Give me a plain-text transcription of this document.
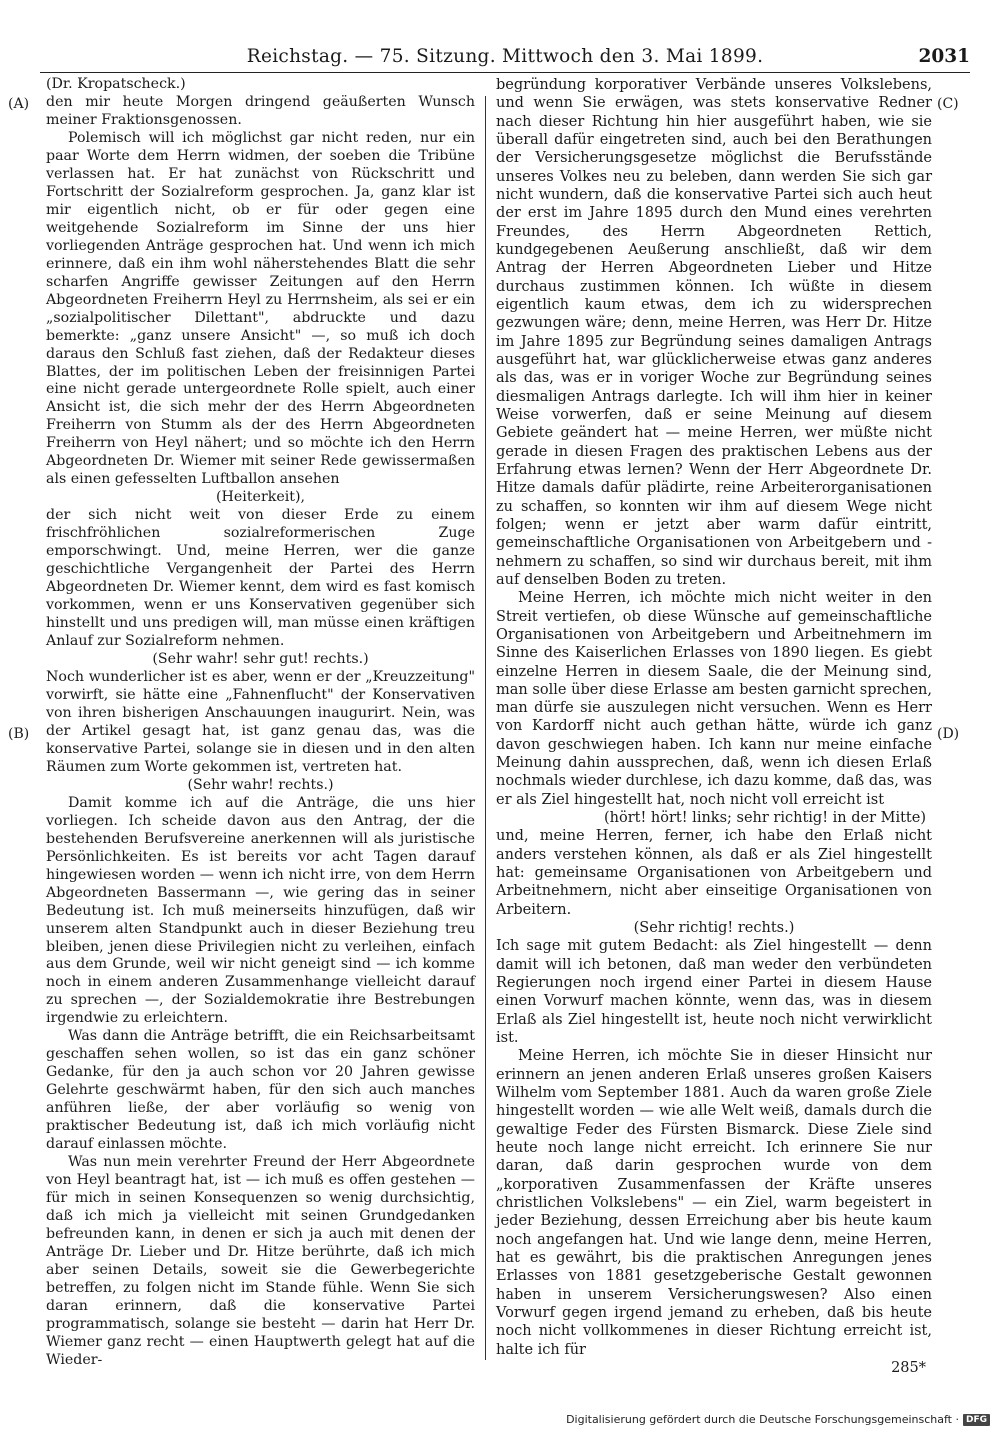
Reichstag. — 75. Sitzung. Mittwoch den 3. Mai 1899.	2031
(A)
(B)
(C)
(D)

(Dr. Kropatscheck.)

den mir heute Morgen dringend geäußerten Wunsch meiner Fraktionsgenossen.

Polemisch will ich möglichst gar nicht reden, nur ein paar Worte dem Herrn widmen, der soeben die Tribüne verlassen hat. Er hat zunächst von Rückschritt und Fortschritt der Sozialreform gesprochen. Ja, ganz klar ist mir eigentlich nicht, ob er für oder gegen eine weitgehende Sozialreform im Sinne der uns hier vorliegenden Anträge gesprochen hat. Und wenn ich mich erinnere, daß ein ihm wohl näherstehendes Blatt die sehr scharfen Angriffe gewisser Zeitungen auf den Herrn Abgeordneten Freiherrn Heyl zu Herrnsheim, als sei er ein „sozialpolitischer Dilettant", abdruckte und dazu bemerkte: „ganz unsere Ansicht" —, so muß ich doch daraus den Schluß fast ziehen, daß der Redakteur dieses Blattes, der im politischen Leben der freisinnigen Partei eine nicht gerade untergeordnete Rolle spielt, auch einer Ansicht ist, die sich mehr der des Herrn Abgeordneten Freiherrn von Stumm als der des Herrn Abgeordneten Freiherrn von Heyl nähert; und so möchte ich den Herrn Abgeordneten Dr. Wiemer mit seiner Rede gewissermaßen als einen gefesselten Luftballon ansehen

(Heiterkeit),

der sich nicht weit von dieser Erde zu einem frischfröhlichen sozialreformerischen Zuge emporschwingt. Und, meine Herren, wer die ganze geschichtliche Vergangenheit der Partei des Herrn Abgeordneten Dr. Wiemer kennt, dem wird es fast komisch vorkommen, wenn er uns Konservativen gegenüber sich hinstellt und uns predigen will, man müsse einen kräftigen Anlauf zur Sozialreform nehmen.

(Sehr wahr! sehr gut! rechts.)

Noch wunderlicher ist es aber, wenn er der „Kreuzzeitung" vorwirft, sie hätte eine „Fahnenflucht" der Konservativen von ihren bisherigen Anschauungen inaugurirt. Nein, was der Artikel gesagt hat, ist ganz genau das, was die konservative Partei, solange sie in diesen und in den alten Räumen zum Worte gekommen ist, vertreten hat.

(Sehr wahr! rechts.)

Damit komme ich auf die Anträge, die uns hier vorliegen. Ich scheide davon aus den Antrag, der die bestehenden Berufsvereine anerkennen will als juristische Persönlichkeiten. Es ist bereits vor acht Tagen darauf hingewiesen worden — wenn ich nicht irre, von dem Herrn Abgeordneten Bassermann —, wie gering das in seiner Bedeutung ist. Ich muß meinerseits hinzufügen, daß wir unserem alten Standpunkt auch in dieser Beziehung treu bleiben, jenen diese Privilegien nicht zu verleihen, einfach aus dem Grunde, weil wir nicht geneigt sind — ich komme noch in einem anderen Zusammenhange vielleicht darauf zu sprechen —, der Sozialdemokratie ihre Bestrebungen irgendwie zu erleichtern.

Was dann die Anträge betrifft, die ein Reichsarbeitsamt geschaffen sehen wollen, so ist das ein ganz schöner Gedanke, für den ja auch schon vor 20 Jahren gewisse Gelehrte geschwärmt haben, für den sich auch manches anführen ließe, der aber vorläufig so wenig von praktischer Bedeutung ist, daß ich mich vorläufig nicht darauf einlassen möchte.

Was nun mein verehrter Freund der Herr Abgeordnete von Heyl beantragt hat, ist — ich muß es offen gestehen — für mich in seinen Konsequenzen so wenig durchsichtig, daß ich mich ja vielleicht mit seinen Grundgedanken befreunden kann, in denen er sich ja auch mit denen der Anträge Dr. Lieber und Dr. Hitze berührte, daß ich mich aber seinen Details, soweit sie die Gewerbegerichte betreffen, zu folgen nicht im Stande fühle. Wenn Sie sich daran erinnern, daß die konservative Partei programmatisch, solange sie besteht — darin hat Herr Dr. Wiemer ganz recht — einen Hauptwerth gelegt hat auf die Wieder-

begründung korporativer Verbände unseres Volkslebens, und wenn Sie erwägen, was stets konservative Redner nach dieser Richtung hin hier ausgeführt haben, wie sie überall dafür eingetreten sind, auch bei den Berathungen der Versicherungsgesetze möglichst die Berufsstände unseres Volkes neu zu beleben, dann werden Sie sich gar nicht wundern, daß die konservative Partei sich auch heut der erst im Jahre 1895 durch den Mund eines verehrten Freundes, des Herrn Abgeordneten Rettich, kundgegebenen Aeußerung anschließt, daß wir dem Antrag der Herren Abgeordneten Lieber und Hitze durchaus zustimmen können. Ich wüßte in diesem eigentlich kaum etwas, dem ich zu widersprechen gezwungen wäre; denn, meine Herren, was Herr Dr. Hitze im Jahre 1895 zur Begründung seines damaligen Antrags ausgeführt hat, war glücklicherweise etwas ganz anderes als das, was er in voriger Woche zur Begründung seines diesmaligen Antrags darlegte. Ich will ihm hier in keiner Weise vorwerfen, daß er seine Meinung auf diesem Gebiete geändert hat — meine Herren, wer müßte nicht gerade in diesen Fragen des praktischen Lebens aus der Erfahrung etwas lernen? Wenn der Herr Abgeordnete Dr. Hitze damals dafür plädirte, reine Arbeiterorganisationen zu schaffen, so konnten wir ihm auf diesem Wege nicht folgen; wenn er jetzt aber warm dafür eintritt, gemeinschaftliche Organisationen von Arbeitgebern und -nehmern zu schaffen, so sind wir durchaus bereit, mit ihm auf denselben Boden zu treten.

Meine Herren, ich möchte mich nicht weiter in den Streit vertiefen, ob diese Wünsche auf gemeinschaftliche Organisationen von Arbeitgebern und Arbeitnehmern im Sinne des Kaiserlichen Erlasses von 1890 liegen. Es giebt einzelne Herren in diesem Saale, die der Meinung sind, man solle über diese Erlasse am besten garnicht sprechen, man dürfe sie auszulegen nicht versuchen. Wenn es Herr von Kardorff nicht auch gethan hätte, würde ich ganz davon geschwiegen haben. Ich kann nur meine einfache Meinung dahin aussprechen, daß, wenn ich diesen Erlaß nochmals wieder durchlese, ich dazu komme, daß das, was er als Ziel hingestellt hat, noch nicht voll erreicht ist

(hört! hört! links; sehr richtig! in der Mitte)

und, meine Herren, ferner, ich habe den Erlaß nicht anders verstehen können, als daß er als Ziel hingestellt hat: gemeinsame Organisationen von Arbeitgebern und Arbeitnehmern, nicht aber einseitige Organisationen von Arbeitern.

(Sehr richtig! rechts.)

Ich sage mit gutem Bedacht: als Ziel hingestellt — denn damit will ich betonen, daß man weder den verbündeten Regierungen noch irgend einer Partei in diesem Hause einen Vorwurf machen könnte, wenn das, was in diesem Erlaß als Ziel hingestellt ist, heute noch nicht verwirklicht ist.

Meine Herren, ich möchte Sie in dieser Hinsicht nur erinnern an jenen anderen Erlaß unseres großen Kaisers Wilhelm vom September 1881. Auch da waren große Ziele hingestellt worden — wie alle Welt weiß, damals durch die gewaltige Feder des Fürsten Bismarck. Diese Ziele sind heute noch lange nicht erreicht. Ich erinnere Sie nur daran, daß darin gesprochen wurde von dem „korporativen Zusammenfassen der Kräfte unseres christlichen Volkslebens" — ein Ziel, warm begeistert in jeder Beziehung, dessen Erreichung aber bis heute kaum noch angefangen hat. Und wie lange denn, meine Herren, hat es gewährt, bis die praktischen Anregungen jenes Erlasses von 1881 gesetzgeberische Gestalt gewonnen haben in unserem Versicherungswesen? Also einen Vorwurf gegen irgend jemand zu erheben, daß bis heute noch nicht vollkommenes in dieser Richtung erreicht ist, halte ich für

285*

Digitalisierung gefördert durch die Deutsche Forschungsgemeinschaft · DFG
